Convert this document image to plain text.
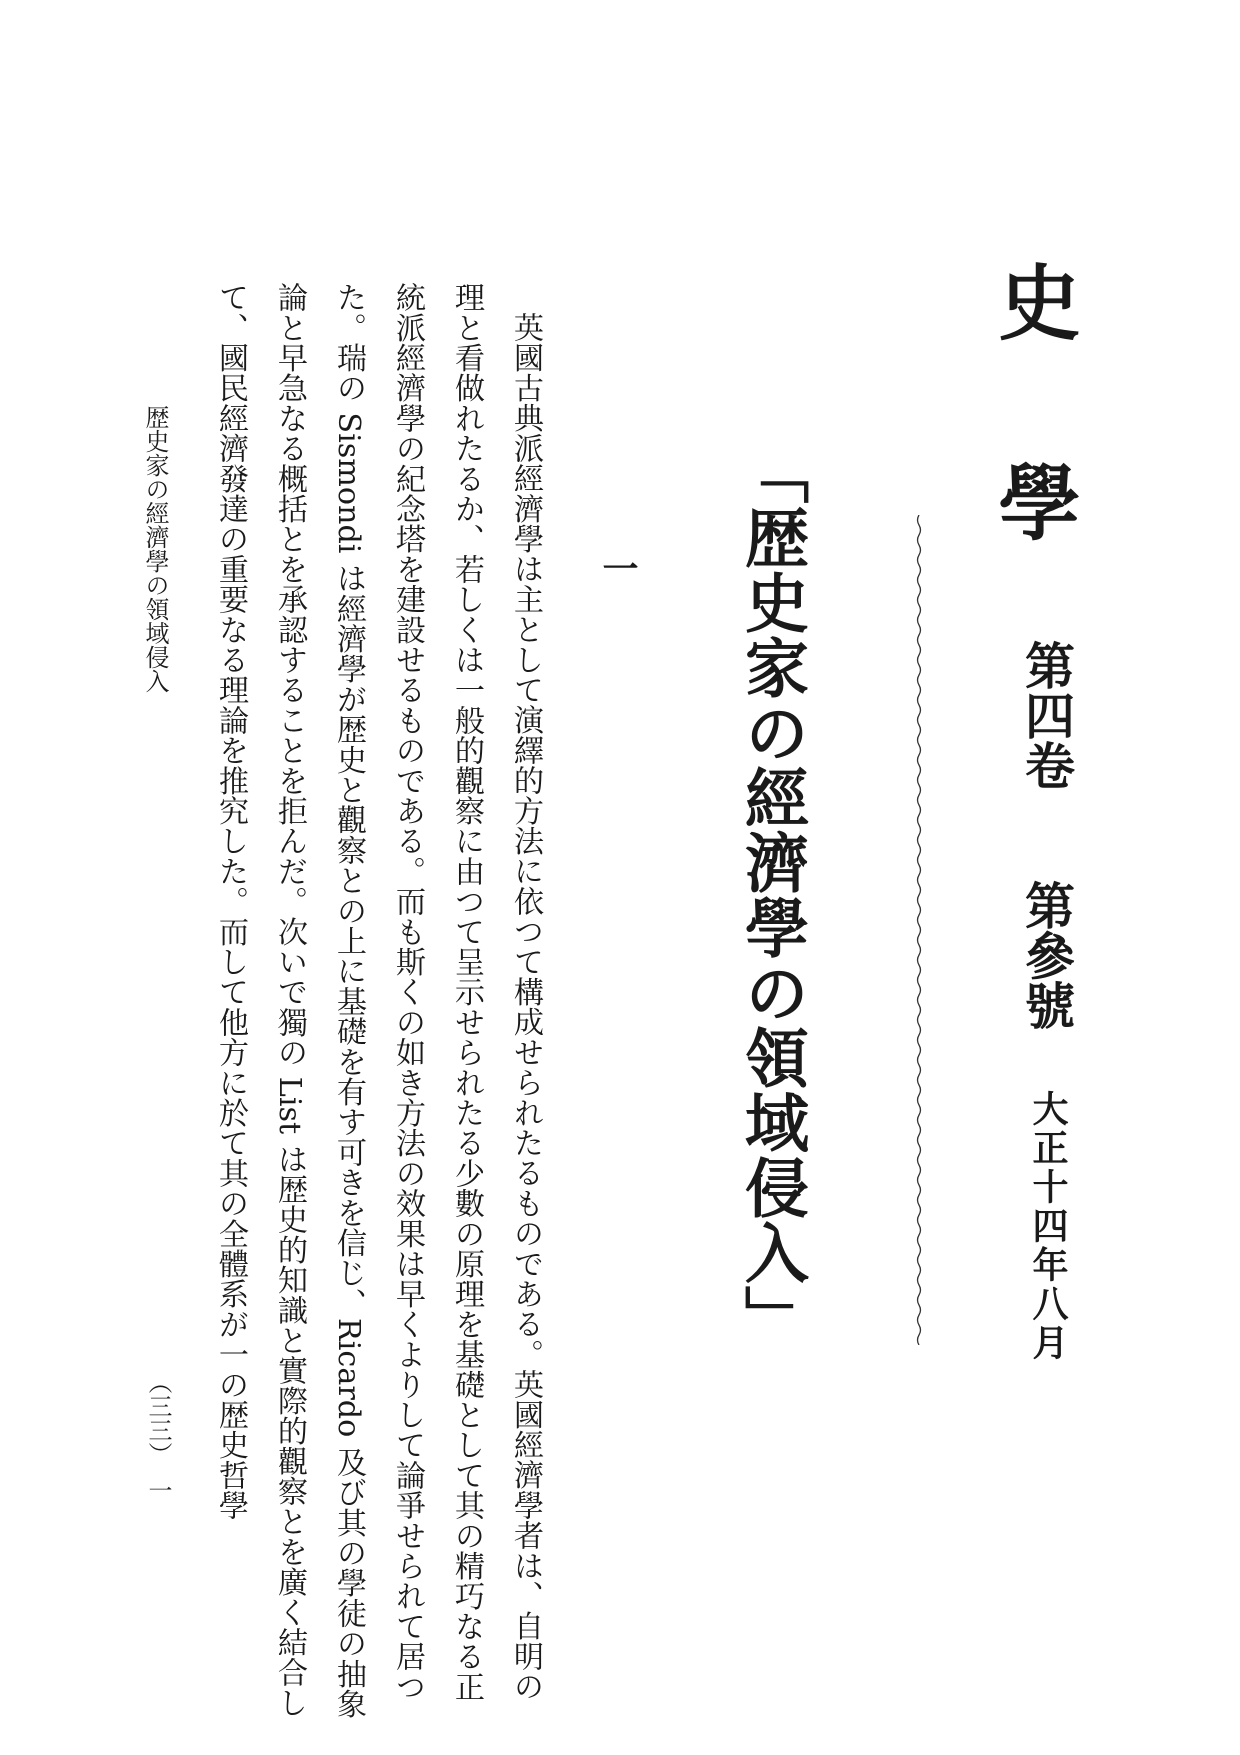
史學
第四卷
第參號
大正十四年八月
「歴史家の經濟學の領域侵入」
一

英國古典派經濟學は主として演繹的方法に依つて構成せられたるものである。英國經濟學者は、自明の理と看做れたるか、若しくは一般的觀察に由つて呈示せられたる少數の原理を基礎として其の精巧なる正統派經濟學の紀念塔を建設せるものである。而も斯くの如き方法の效果は早くよりして論爭せられて居つた。瑞の Sismondi は經濟學が歴史と觀察との上に基礎を有す可きを信じ、Ricardo 及び其の學徒の抽象論と早急なる概括とを承認することを拒んだ。次いで獨の List は歴史的知識と實際的觀察とを廣く結合して、國民經濟發達の重要なる理論を推究した。而して他方に於て其の全體系が一の歴史哲學

歴史家の經濟學の領域侵入
（三三）　一
